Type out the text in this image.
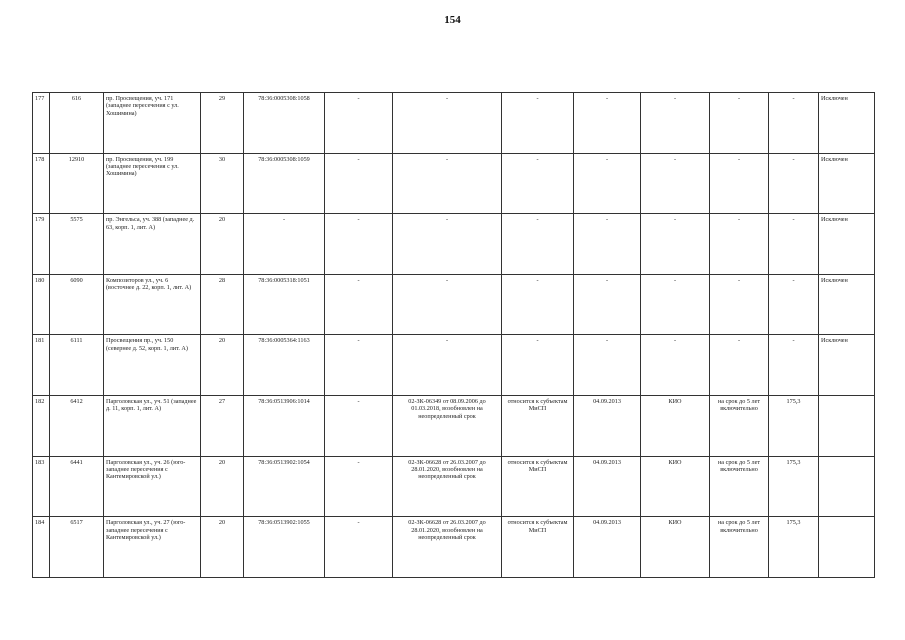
154
177	616	пр. Просвещения, уч. 171 (западнее пересечения с ул. Хошимина)	29	78:36:0005308:1058	-	-	-	-	-	-	-	Исключен
178	12910	пр. Просвещения, уч. 199 (западнее пересечения с ул. Хошимина)	30	78:36:0005308:1059	-	-	-	-	-	-	-	Исключен
179	5575	пр. Энгельса, уч. 388 (западнее д. 63, корп. 1, лит. А)	20	-	-	-	-	-	-	-	-	Исключен
180	6090	Композиторов ул., уч. 6 (восточнее д. 22, корп. 1, лит. А)	28	78:36:0005318:1051	-	-	-	-	-	-	-	Исключен
181	6111	Просвещения пр., уч. 150 (севернее д. 52, корп. 1, лит. А)	20	78:36:0005364:1163	-	-	-	-	-	-	-	Исключен
182	6412	Парголовская ул., уч. 51 (западнее д. 11, корп. 1, лит. А)	27	78:36:0513906:1014	-	02-ЗК-06349 от 08.09.2006 до 01.03.2018, возобновлен на неопределенный срок	относится к субъектам МиСП	04.09.2013	КИО	на срок до 5 лет включительно	175,3	
183	6441	Парголовская ул., уч. 26 (юго-западнее пересечения с Кантемировской ул.)	20	78:36:0513902:1054	-	02-ЗК-06628 от 26.03.2007 до 28.01.2020, возобновлен на неопределенный срок	относится к субъектам МиСП	04.09.2013	КИО	на срок до 5 лет включительно	175,3	
184	6517	Парголовская ул., уч. 27 (юго-западнее пересечения с Кантемировской ул.)	20	78:36:0513902:1055	-	02-ЗК-06628 от 26.03.2007 до 28.01.2020, возобновлен на неопределенный срок	относится к субъектам МиСП	04.09.2013	КИО	на срок до 5 лет включительно	175,3	
